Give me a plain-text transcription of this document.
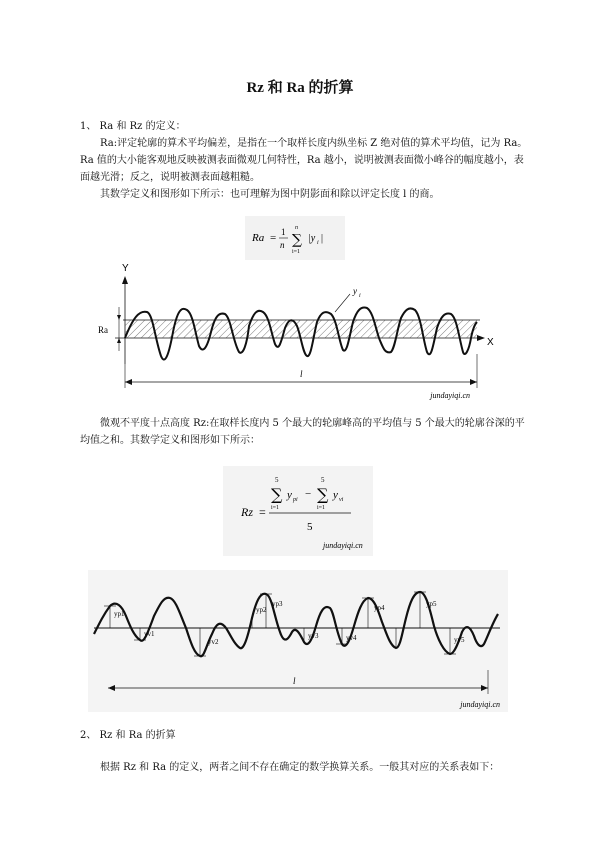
Rz 和 Ra 的折算
1、 Ra 和 Rz 的定义：
Ra:评定轮廓的算术平均偏差，是指在一个取样长度内纵坐标 Z 绝对值的算术平均值，记为 Ra。Ra 值的大小能客观地反映被测表面微观几何特性，Ra 越小，说明被测表面微小峰谷的幅度越小，表面越光滑；反之，说明被测表面越粗糙。
其数学定义和图形如下所示：也可理解为图中阴影面和除以评定长度 l 的商。
Ra = 1
n
n
∑
i=1
|y i |
Y
X
Ra
y i
l
jundayiqi.cn
微观不平度十点高度 Rz:在取样长度内 5 个最大的轮廓峰高的平均值与 5 个最大的轮廓谷深的平均值之和。其数学定义和图形如下所示：
Rz =
5
∑
i=1
y pi −
5
∑
i=1
y vi
5
jundayiqi.cn
yp1	yp2
yp3	yp4	yp5
yv1
yv2
yv3	yv4	yv5
l
jundayiqi.cn
2、 Rz 和 Ra 的折算
根据 Rz 和 Ra 的定义，两者之间不存在确定的数学换算关系。一般其对应的关系表如下：
